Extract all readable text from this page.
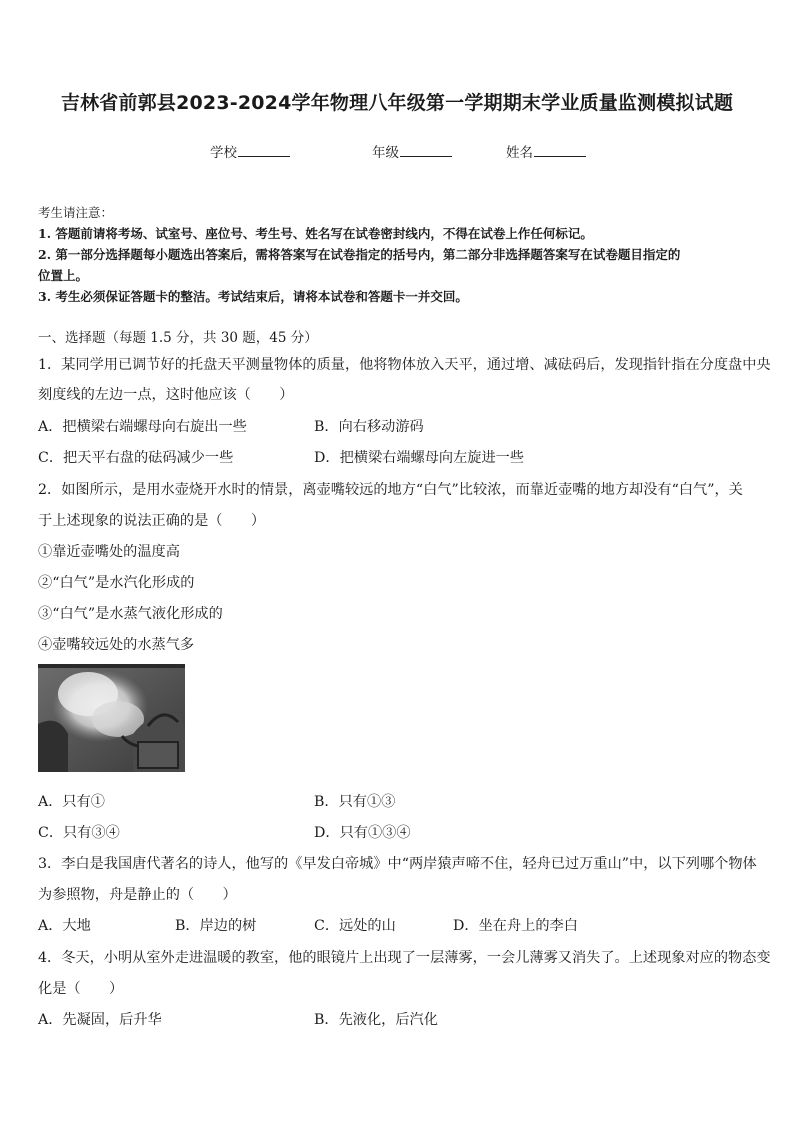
吉林省前郭县2023-2024学年物理八年级第一学期期末学业质量监测模拟试题
学校	年级	姓名
考生请注意：
1. 答题前请将考场、试室号、座位号、考生号、姓名写在试卷密封线内，不得在试卷上作任何标记。
2. 第一部分选择题每小题选出答案后，需将答案写在试卷指定的括号内，第二部分非选择题答案写在试卷题目指定的
位置上。
3. 考生必须保证答题卡的整洁。考试结束后，请将本试卷和答题卡一并交回。
一、选择题（每题 1.5 分，共 30 题，45 分）
1．某同学用已调节好的托盘天平测量物体的质量，他将物体放入天平，通过增、减砝码后，发现指针指在分度盘中央
刻度线的左边一点，这时他应该（　　）
A．把横梁右端螺母向右旋出一些	B．向右移动游码
C．把天平右盘的砝码减少一些	D．把横梁右端螺母向左旋进一些
2．如图所示，是用水壶烧开水时的情景，离壶嘴较远的地方“白气”比较浓，而靠近壶嘴的地方却没有“白气”，关
于上述现象的说法正确的是（　　）
①靠近壶嘴处的温度高
②“白气”是水汽化形成的
③“白气”是水蒸气液化形成的
④壶嘴较远处的水蒸气多
A．只有①	B．只有①③
C．只有③④	D．只有①③④
3．李白是我国唐代著名的诗人，他写的《早发白帝城》中“两岸猿声啼不住，轻舟已过万重山”中，以下列哪个物体
为参照物，舟是静止的（　　）
A．大地	B．岸边的树	C．远处的山	D．坐在舟上的李白
4．冬天，小明从室外走进温暖的教室，他的眼镜片上出现了一层薄雾，一会儿薄雾又消失了。上述现象对应的物态变
化是（　　）
A．先凝固，后升华	B．先液化，后汽化
